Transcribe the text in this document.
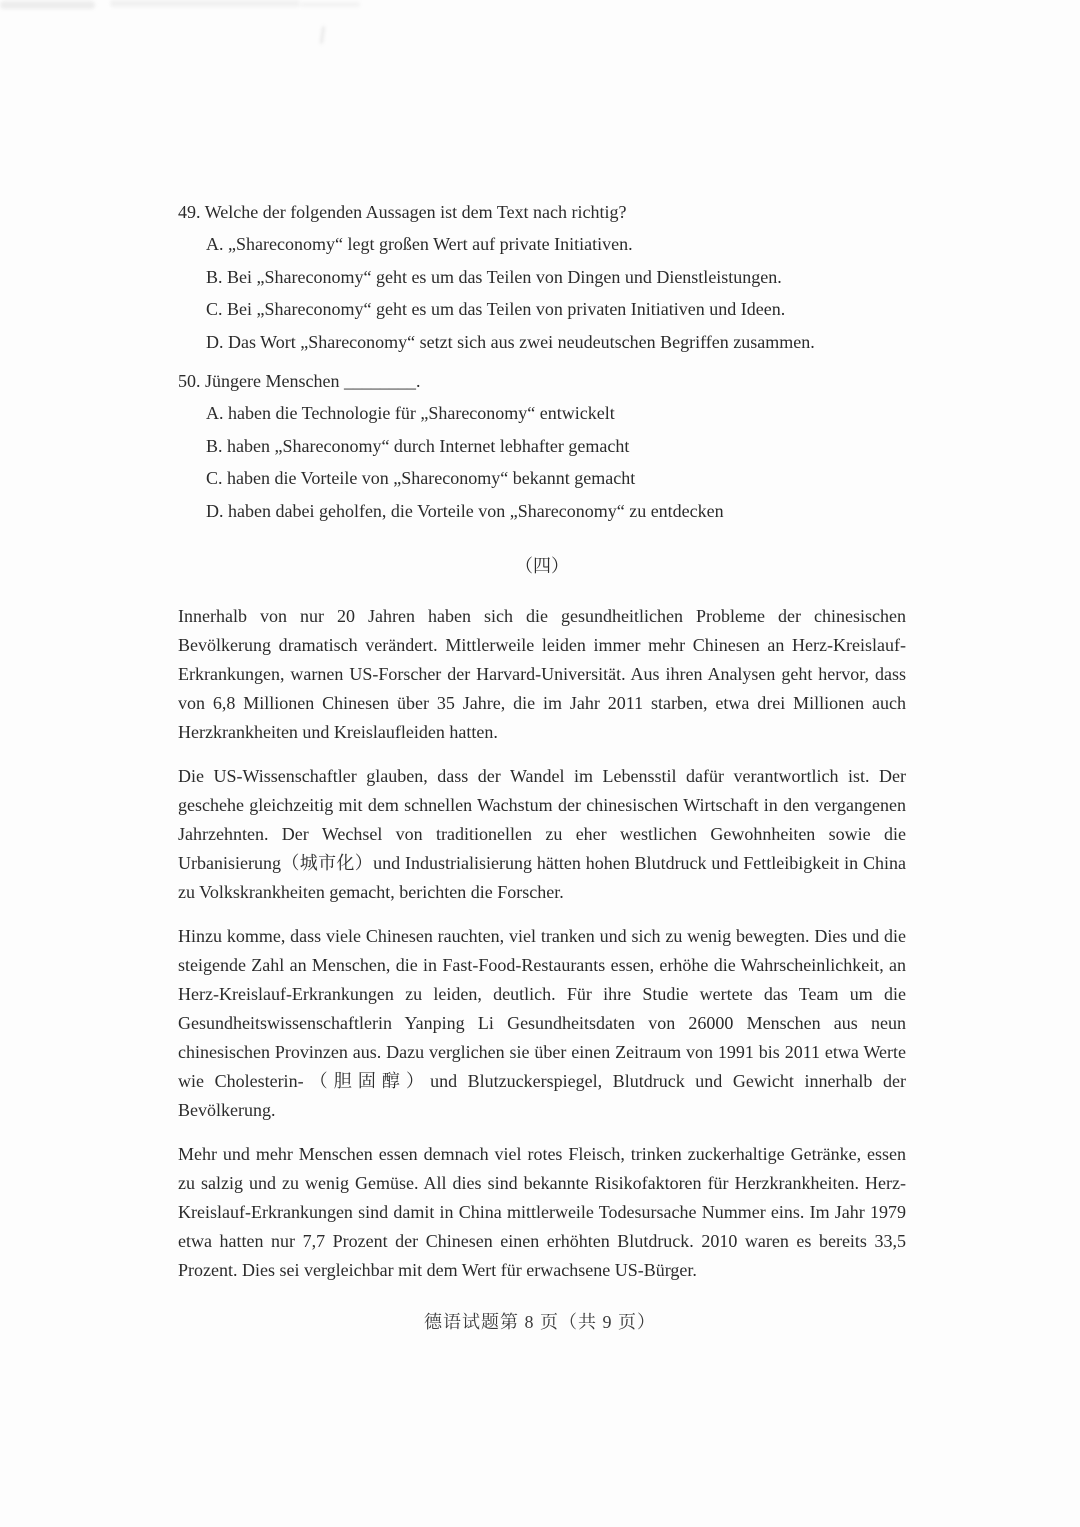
49. Welche der folgenden Aussagen ist dem Text nach richtig?
A. „Shareconomy“ legt großen Wert auf private Initiativen.
B. Bei „Shareconomy“ geht es um das Teilen von Dingen und Dienstleistungen.
C. Bei „Shareconomy“ geht es um das Teilen von privaten Initiativen und Ideen.
D. Das Wort „Shareconomy“ setzt sich aus zwei neudeutschen Begriffen zusammen.
50. Jüngere Menschen ________.
A. haben die Technologie für „Shareconomy“ entwickelt
B. haben „Shareconomy“ durch Internet lebhafter gemacht
C. haben die Vorteile von „Shareconomy“ bekannt gemacht
D. haben dabei geholfen, die Vorteile von „Shareconomy“ zu entdecken
（四）

Innerhalb von nur 20 Jahren haben sich die gesundheitlichen Probleme der chinesischen Bevölkerung dramatisch verändert. Mittlerweile leiden immer mehr Chinesen an Herz-Kreislauf-Erkrankungen, warnen US-Forscher der Harvard-Universität. Aus ihren Analysen geht hervor, dass von 6,8 Millionen Chinesen über 35 Jahre, die im Jahr 2011 starben, etwa drei Millionen auch Herzkrankheiten und Kreislaufleiden hatten.

Die US-Wissenschaftler glauben, dass der Wandel im Lebensstil dafür verantwortlich ist. Der geschehe gleichzeitig mit dem schnellen Wachstum der chinesischen Wirtschaft in den vergangenen Jahrzehnten. Der Wechsel von traditionellen zu eher westlichen Gewohnheiten sowie die Urbanisierung（城市化）und Industrialisierung hätten hohen Blutdruck und Fettleibigkeit in China zu Volkskrankheiten gemacht, berichten die Forscher.

Hinzu komme, dass viele Chinesen rauchten, viel tranken und sich zu wenig bewegten. Dies und die steigende Zahl an Menschen, die in Fast-Food-Restaurants essen, erhöhe die Wahrscheinlichkeit, an Herz-Kreislauf-Erkrankungen zu leiden, deutlich. Für ihre Studie wertete das Team um die Gesundheitswissenschaftlerin Yanping Li Gesundheitsdaten von 26000 Menschen aus neun chinesischen Provinzen aus. Dazu verglichen sie über einen Zeitraum von 1991 bis 2011 etwa Werte wie Cholesterin-（胆固醇）und Blutzuckerspiegel, Blutdruck und Gewicht innerhalb der Bevölkerung.

Mehr und mehr Menschen essen demnach viel rotes Fleisch, trinken zuckerhaltige Getränke, essen zu salzig und zu wenig Gemüse. All dies sind bekannte Risikofaktoren für Herzkrankheiten. Herz-Kreislauf-Erkrankungen sind damit in China mittlerweile Todesursache Nummer eins. Im Jahr 1979 etwa hatten nur 7,7 Prozent der Chinesen einen erhöhten Blutdruck. 2010 waren es bereits 33,5 Prozent. Dies sei vergleichbar mit dem Wert für erwachsene US-Bürger.

德语试题第 8 页（共 9 页）
